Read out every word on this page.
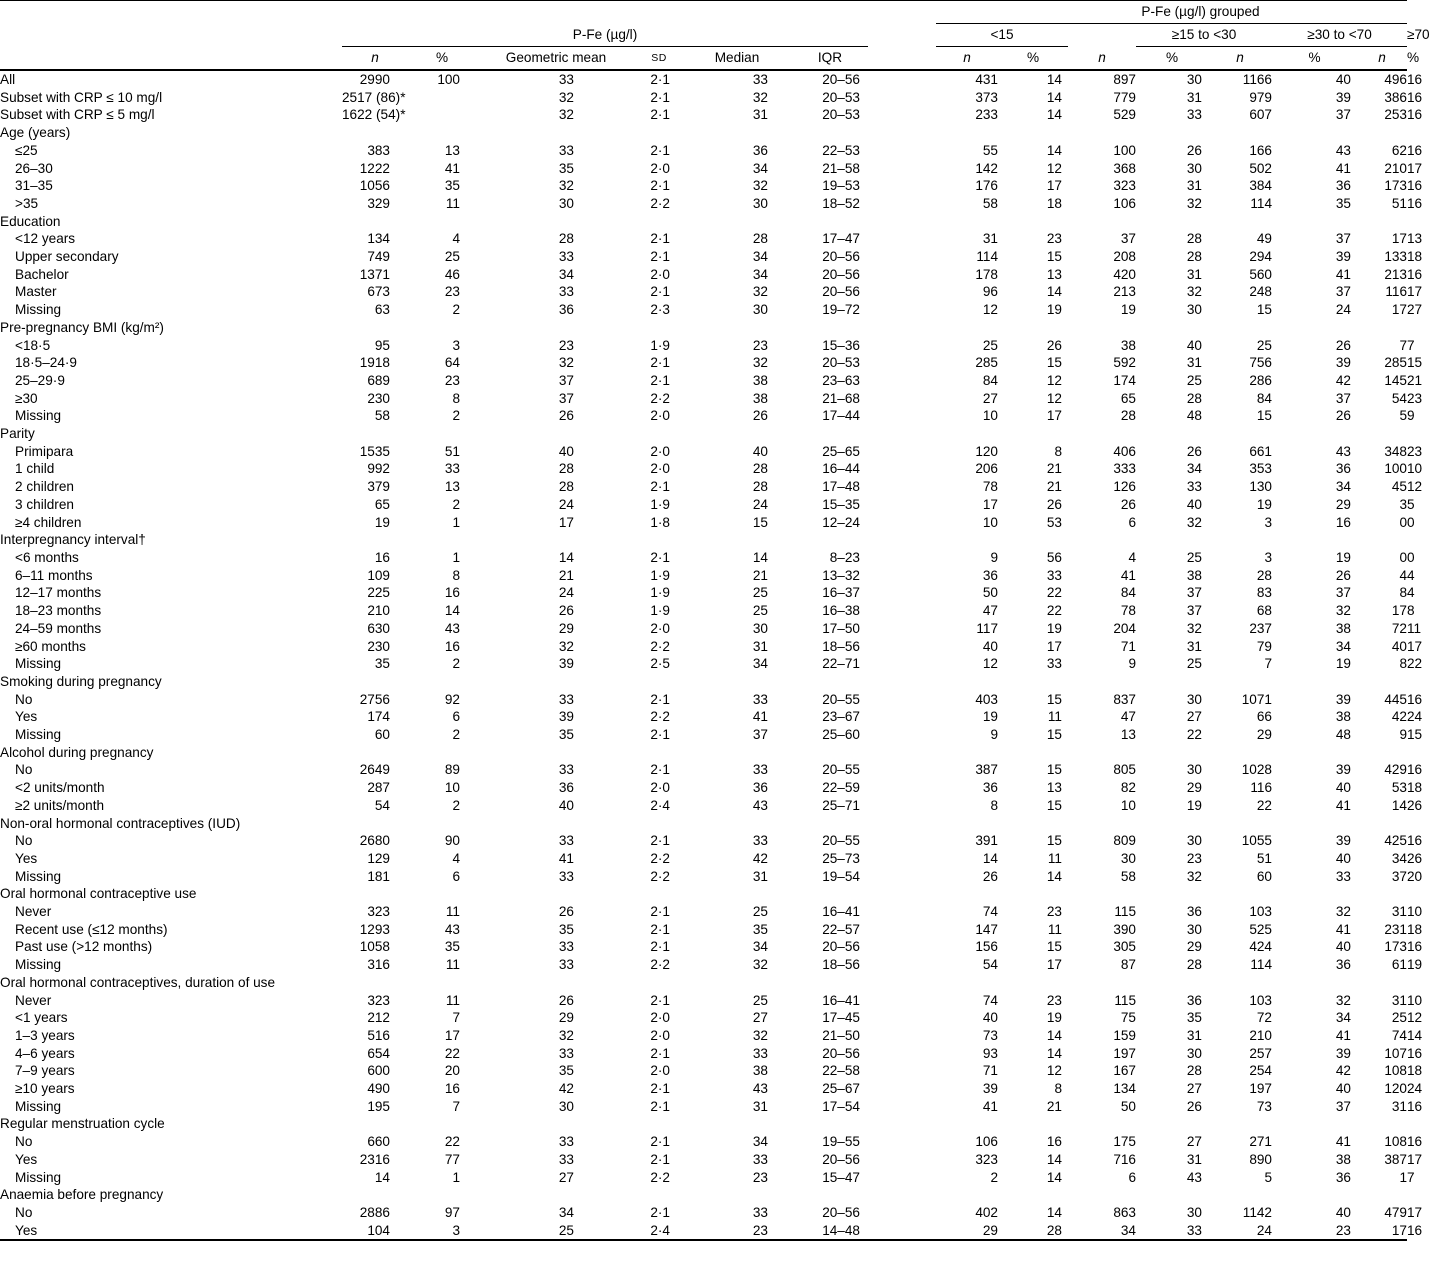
								P-Fe (µg/l) grouped							
	P-Fe (µg/l)							<15			≥15 to <30		≥30 to <70		≥70
	n	%	Geometric mean	SD	Median	IQR		n	%	n	%	n	%	n	%
All	2990	100	33	2·1	33	20–56		431	14	897	30	1166	40	496	16
Subset with CRP ≤ 10 mg/l	2517 (86)*		32	2·1	32	20–53		373	14	779	31	979	39	386	16
Subset with CRP ≤ 5 mg/l	1622 (54)*		32	2·1	31	20–53		233	14	529	33	607	37	253	16
Age (years)															
≤25	383	13	33	2·1	36	22–53		55	14	100	26	166	43	62	16
26–30	1222	41	35	2·0	34	21–58		142	12	368	30	502	41	210	17
31–35	1056	35	32	2·1	32	19–53		176	17	323	31	384	36	173	16
>35	329	11	30	2·2	30	18–52		58	18	106	32	114	35	51	16
Education															
<12 years	134	4	28	2·1	28	17–47		31	23	37	28	49	37	17	13
Upper secondary	749	25	33	2·1	34	20–56		114	15	208	28	294	39	133	18
Bachelor	1371	46	34	2·0	34	20–56		178	13	420	31	560	41	213	16
Master	673	23	33	2·1	32	20–56		96	14	213	32	248	37	116	17
Missing	63	2	36	2·3	30	19–72		12	19	19	30	15	24	17	27
Pre-pregnancy BMI (kg/m²)															
<18·5	95	3	23	1·9	23	15–36		25	26	38	40	25	26	7	7
18·5–24·9	1918	64	32	2·1	32	20–53		285	15	592	31	756	39	285	15
25–29·9	689	23	37	2·1	38	23–63		84	12	174	25	286	42	145	21
≥30	230	8	37	2·2	38	21–68		27	12	65	28	84	37	54	23
Missing	58	2	26	2·0	26	17–44		10	17	28	48	15	26	5	9
Parity															
Primipara	1535	51	40	2·0	40	25–65		120	8	406	26	661	43	348	23
1 child	992	33	28	2·0	28	16–44		206	21	333	34	353	36	100	10
2 children	379	13	28	2·1	28	17–48		78	21	126	33	130	34	45	12
3 children	65	2	24	1·9	24	15–35		17	26	26	40	19	29	3	5
≥4 children	19	1	17	1·8	15	12–24		10	53	6	32	3	16	0	0
Interpregnancy interval†															
<6 months	16	1	14	2·1	14	8–23		9	56	4	25	3	19	0	0
6–11 months	109	8	21	1·9	21	13–32		36	33	41	38	28	26	4	4
12–17 months	225	16	24	1·9	25	16–37		50	22	84	37	83	37	8	4
18–23 months	210	14	26	1·9	25	16–38		47	22	78	37	68	32	17	8
24–59 months	630	43	29	2·0	30	17–50		117	19	204	32	237	38	72	11
≥60 months	230	16	32	2·2	31	18–56		40	17	71	31	79	34	40	17
Missing	35	2	39	2·5	34	22–71		12	33	9	25	7	19	8	22
Smoking during pregnancy															
No	2756	92	33	2·1	33	20–55		403	15	837	30	1071	39	445	16
Yes	174	6	39	2·2	41	23–67		19	11	47	27	66	38	42	24
Missing	60	2	35	2·1	37	25–60		9	15	13	22	29	48	9	15
Alcohol during pregnancy															
No	2649	89	33	2·1	33	20–55		387	15	805	30	1028	39	429	16
<2 units/month	287	10	36	2·0	36	22–59		36	13	82	29	116	40	53	18
≥2 units/month	54	2	40	2·4	43	25–71		8	15	10	19	22	41	14	26
Non-oral hormonal contraceptives (IUD)															
No	2680	90	33	2·1	33	20–55		391	15	809	30	1055	39	425	16
Yes	129	4	41	2·2	42	25–73		14	11	30	23	51	40	34	26
Missing	181	6	33	2·2	31	19–54		26	14	58	32	60	33	37	20
Oral hormonal contraceptive use															
Never	323	11	26	2·1	25	16–41		74	23	115	36	103	32	31	10
Recent use (≤12 months)	1293	43	35	2·1	35	22–57		147	11	390	30	525	41	231	18
Past use (>12 months)	1058	35	33	2·1	34	20–56		156	15	305	29	424	40	173	16
Missing	316	11	33	2·2	32	18–56		54	17	87	28	114	36	61	19
Oral hormonal contraceptives, duration of use															
Never	323	11	26	2·1	25	16–41		74	23	115	36	103	32	31	10
<1 years	212	7	29	2·0	27	17–45		40	19	75	35	72	34	25	12
1–3 years	516	17	32	2·0	32	21–50		73	14	159	31	210	41	74	14
4–6 years	654	22	33	2·1	33	20–56		93	14	197	30	257	39	107	16
7–9 years	600	20	35	2·0	38	22–58		71	12	167	28	254	42	108	18
≥10 years	490	16	42	2·1	43	25–67		39	8	134	27	197	40	120	24
Missing	195	7	30	2·1	31	17–54		41	21	50	26	73	37	31	16
Regular menstruation cycle															
No	660	22	33	2·1	34	19–55		106	16	175	27	271	41	108	16
Yes	2316	77	33	2·1	33	20–56		323	14	716	31	890	38	387	17
Missing	14	1	27	2·2	23	15–47		2	14	6	43	5	36	1	7
Anaemia before pregnancy															
No	2886	97	34	2·1	33	20–56		402	14	863	30	1142	40	479	17
Yes	104	3	25	2·4	23	14–48		29	28	34	33	24	23	17	16
